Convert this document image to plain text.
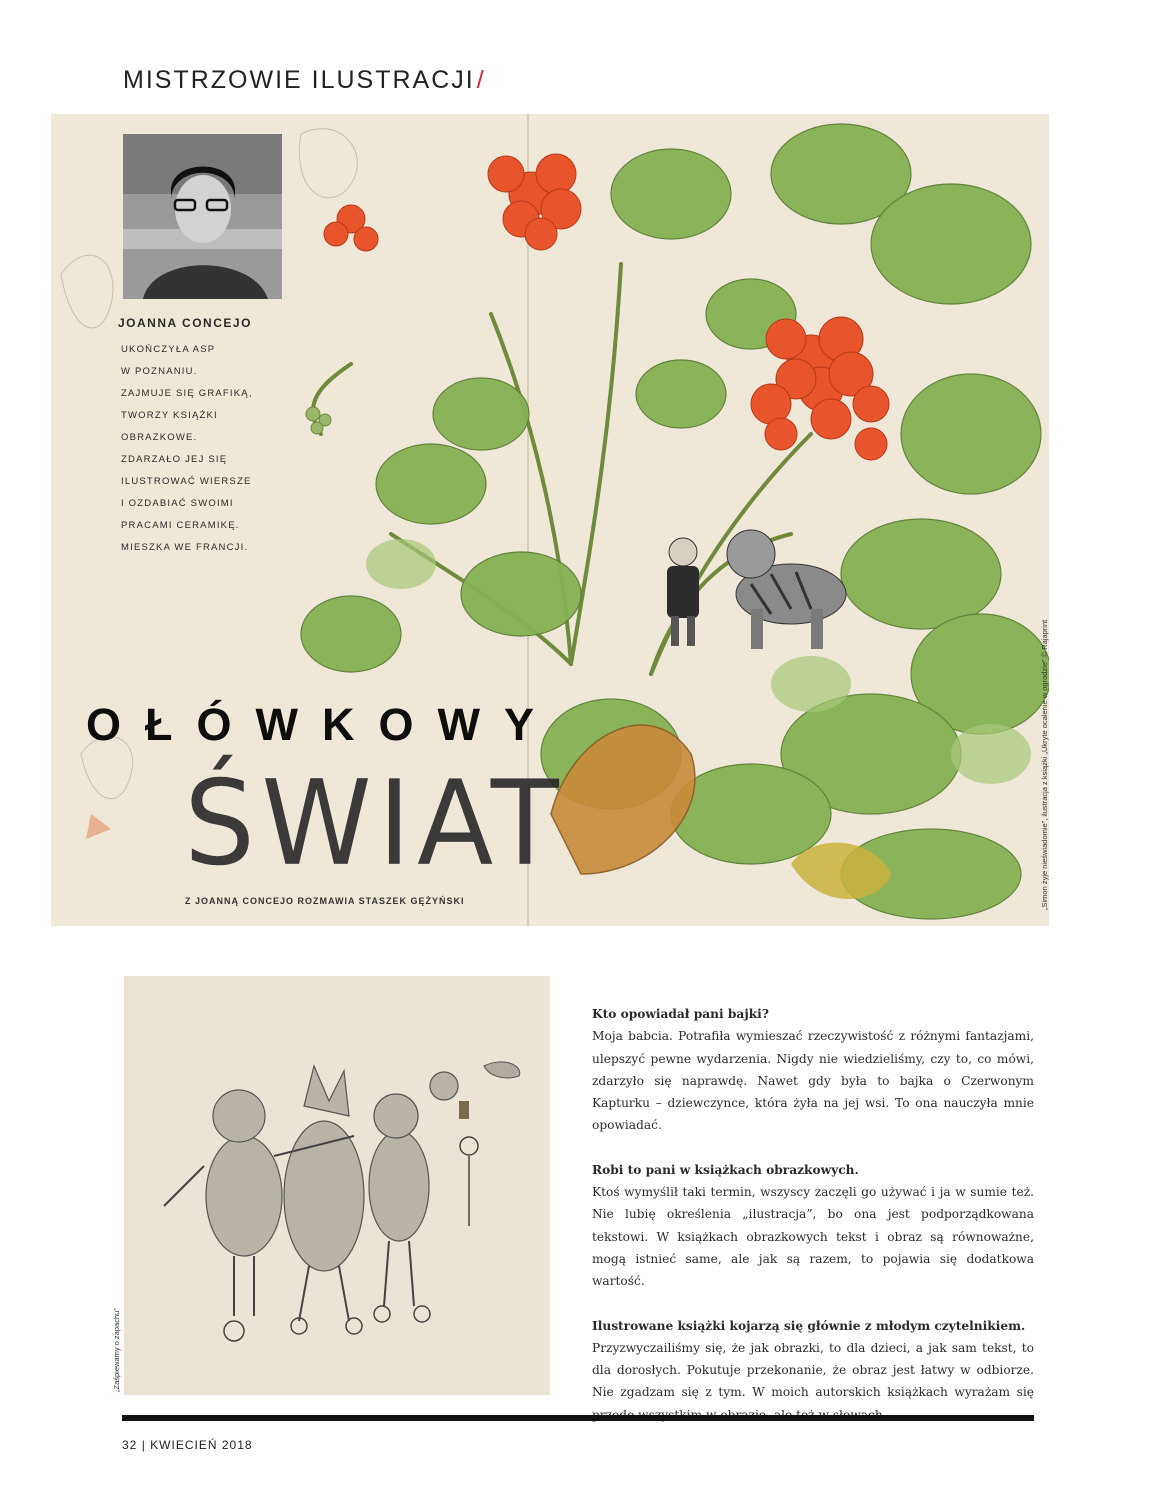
MISTRZOWIE ILUSTRACJI/
JOANNA CONCEJO
UKOŃCZYŁA ASP
W POZNANIU.
ZAJMUJE SIĘ GRAFIKĄ,
TWORZY KSIĄŻKI
OBRAZKOWE.
ZDARZAŁO JEJ SIĘ
ILUSTROWAĆ WIERSZE
I OZDABIAĆ SWOIMI
PRACAMI CERAMIKĘ.
MIESZKA WE FRANCJI.
OŁÓWKOWY
ŚWIAT
Z JOANNĄ CONCEJO ROZMAWIA STASZEK GĘŻYŃSKI	„Simon żyje nieświadomie”, ilustracja z książki „Ukryte ocalenie w ogrodzie” © Rajaprint
„Zaśpiewamy o zapachu”

Kto opowiadał pani bajki?

Moja babcia. Potrafiła wymieszać rzeczywistość z różnymi fantazjami, ulepszyć pewne wydarzenia. Nigdy nie wiedzieliśmy, czy to, co mówi, zdarzyło się naprawdę. Nawet gdy była to bajka o Czerwonym Kapturku – dziewczynce, która żyła na jej wsi. To ona nauczyła mnie opowiadać.

Robi to pani w książkach obrazkowych.

Ktoś wymyślił taki termin, wszyscy zaczęli go używać i ja w sumie też. Nie lubię określenia „ilustracja”, bo ona jest podporządkowana tekstowi. W książkach obrazkowych tekst i obraz są równoważne, mogą istnieć same, ale jak są razem, to pojawia się dodatkowa wartość.

Ilustrowane książki kojarzą się głównie z młodym czytelnikiem.

Przyzwyczailiśmy się, że jak obrazki, to dla dzieci, a jak sam tekst, to dla dorosłych. Pokutuje przekonanie, że obraz jest łatwy w odbiorze. Nie zgadzam się z tym. W moich autorskich książkach wyrażam się

32 | KWIECIEŃ 2018
